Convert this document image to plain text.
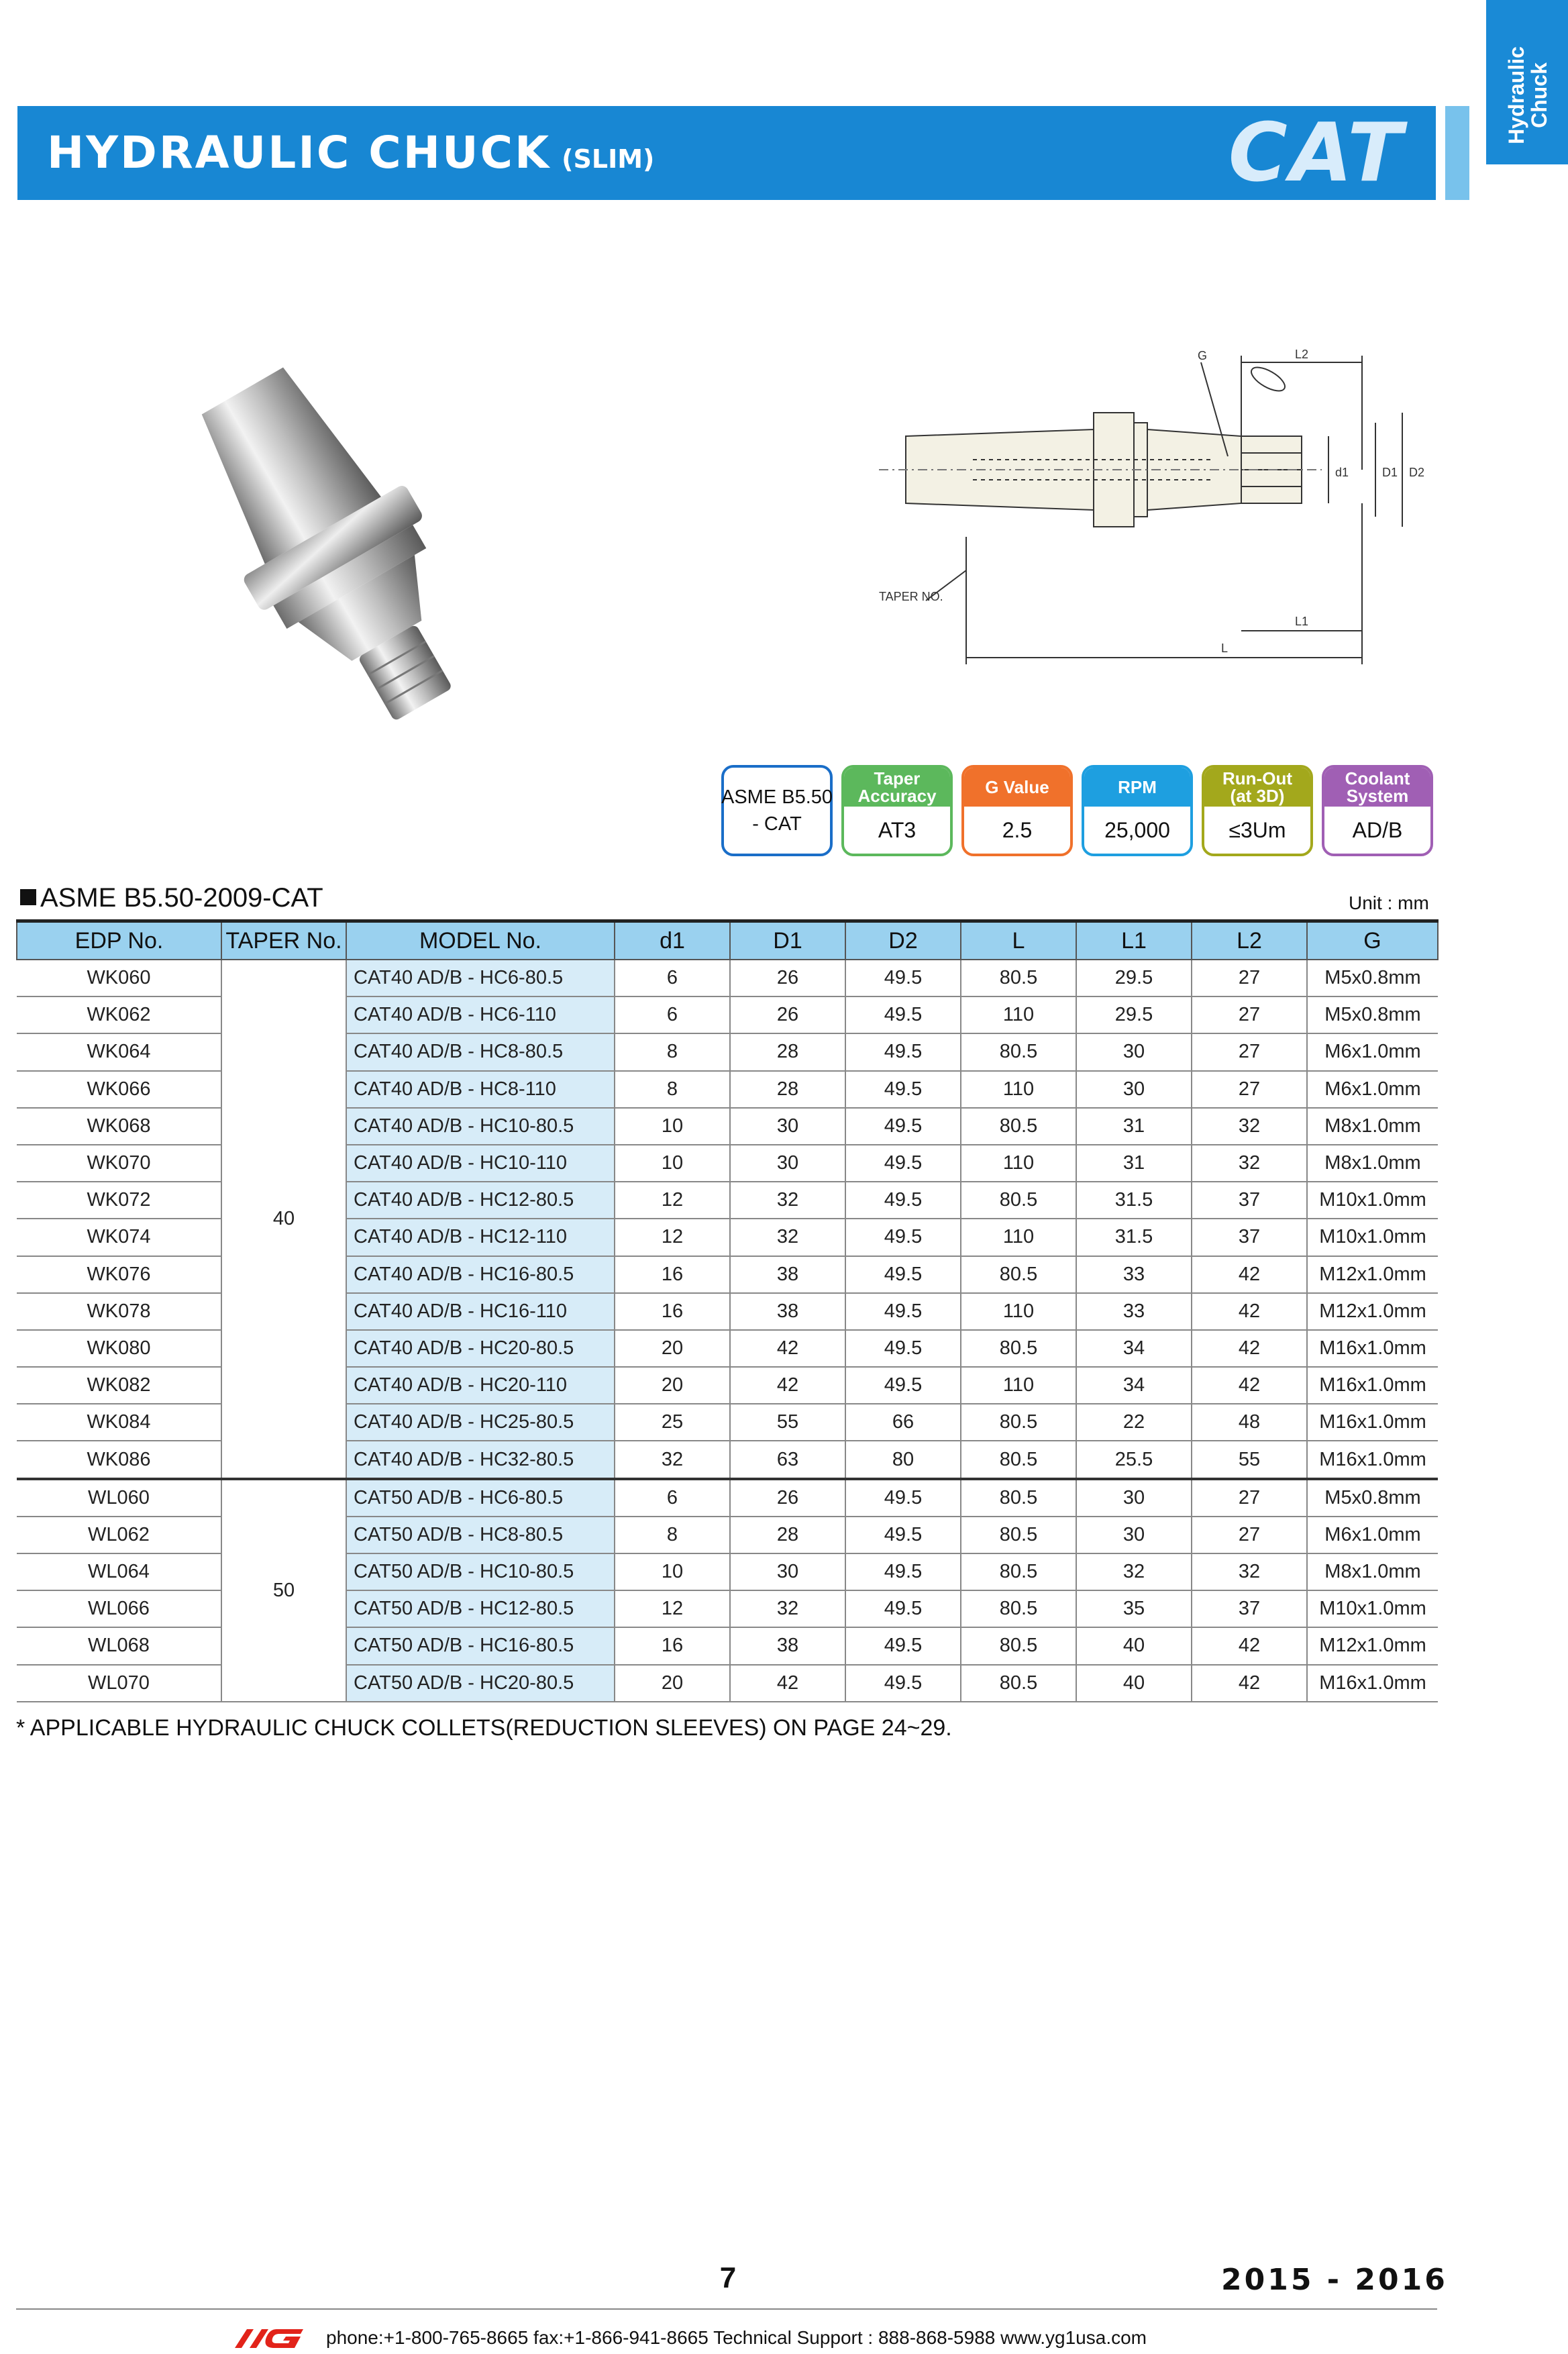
Hydraulic
Chuck
HYDRAULIC CHUCK (SLIM)	CAT
G	L2
d1	D1 D2
TAPER NO.
L1
L
ASME B5.50
- CAT
Taper
Accuracy
AT3
G Value
2.5
RPM
25,000
Run-Out
(at 3D)
≤3Um
Coolant
System
AD/B
ASME B5.50-2009-CAT	Unit : mm
EDP No.	TAPER No.	MODEL No.	d1	D1	D2	L	L1	L2	G
WK060	40	CAT40 AD/B - HC6-80.5	6	26	49.5	80.5	29.5	27	M5x0.8mm
WK062		CAT40 AD/B - HC6-110	6	26	49.5	110	29.5	27	M5x0.8mm
WK064		CAT40 AD/B - HC8-80.5	8	28	49.5	80.5	30	27	M6x1.0mm
WK066		CAT40 AD/B - HC8-110	8	28	49.5	110	30	27	M6x1.0mm
WK068		CAT40 AD/B - HC10-80.5	10	30	49.5	80.5	31	32	M8x1.0mm
WK070		CAT40 AD/B - HC10-110	10	30	49.5	110	31	32	M8x1.0mm
WK072		CAT40 AD/B - HC12-80.5	12	32	49.5	80.5	31.5	37	M10x1.0mm
WK074		CAT40 AD/B - HC12-110	12	32	49.5	110	31.5	37	M10x1.0mm
WK076		CAT40 AD/B - HC16-80.5	16	38	49.5	80.5	33	42	M12x1.0mm
WK078		CAT40 AD/B - HC16-110	16	38	49.5	110	33	42	M12x1.0mm
WK080		CAT40 AD/B - HC20-80.5	20	42	49.5	80.5	34	42	M16x1.0mm
WK082		CAT40 AD/B - HC20-110	20	42	49.5	110	34	42	M16x1.0mm
WK084		CAT40 AD/B - HC25-80.5	25	55	66	80.5	22	48	M16x1.0mm
WK086		CAT40 AD/B - HC32-80.5	32	63	80	80.5	25.5	55	M16x1.0mm
WL060	50	CAT50 AD/B - HC6-80.5	6	26	49.5	80.5	30	27	M5x0.8mm
WL062		CAT50 AD/B - HC8-80.5	8	28	49.5	80.5	30	27	M6x1.0mm
WL064		CAT50 AD/B - HC10-80.5	10	30	49.5	80.5	32	32	M8x1.0mm
WL066		CAT50 AD/B - HC12-80.5	12	32	49.5	80.5	35	37	M10x1.0mm
WL068		CAT50 AD/B - HC16-80.5	16	38	49.5	80.5	40	42	M12x1.0mm
WL070		CAT50 AD/B - HC20-80.5	20	42	49.5	80.5	40	42	M16x1.0mm
* APPLICABLE HYDRAULIC CHUCK COLLETS(REDUCTION SLEEVES) ON PAGE 24~29.
7	2015 - 2016
phone:+1-800-765-8665 fax:+1-866-941-8665 Technical Support : 888-868-5988 www.yg1usa.com
